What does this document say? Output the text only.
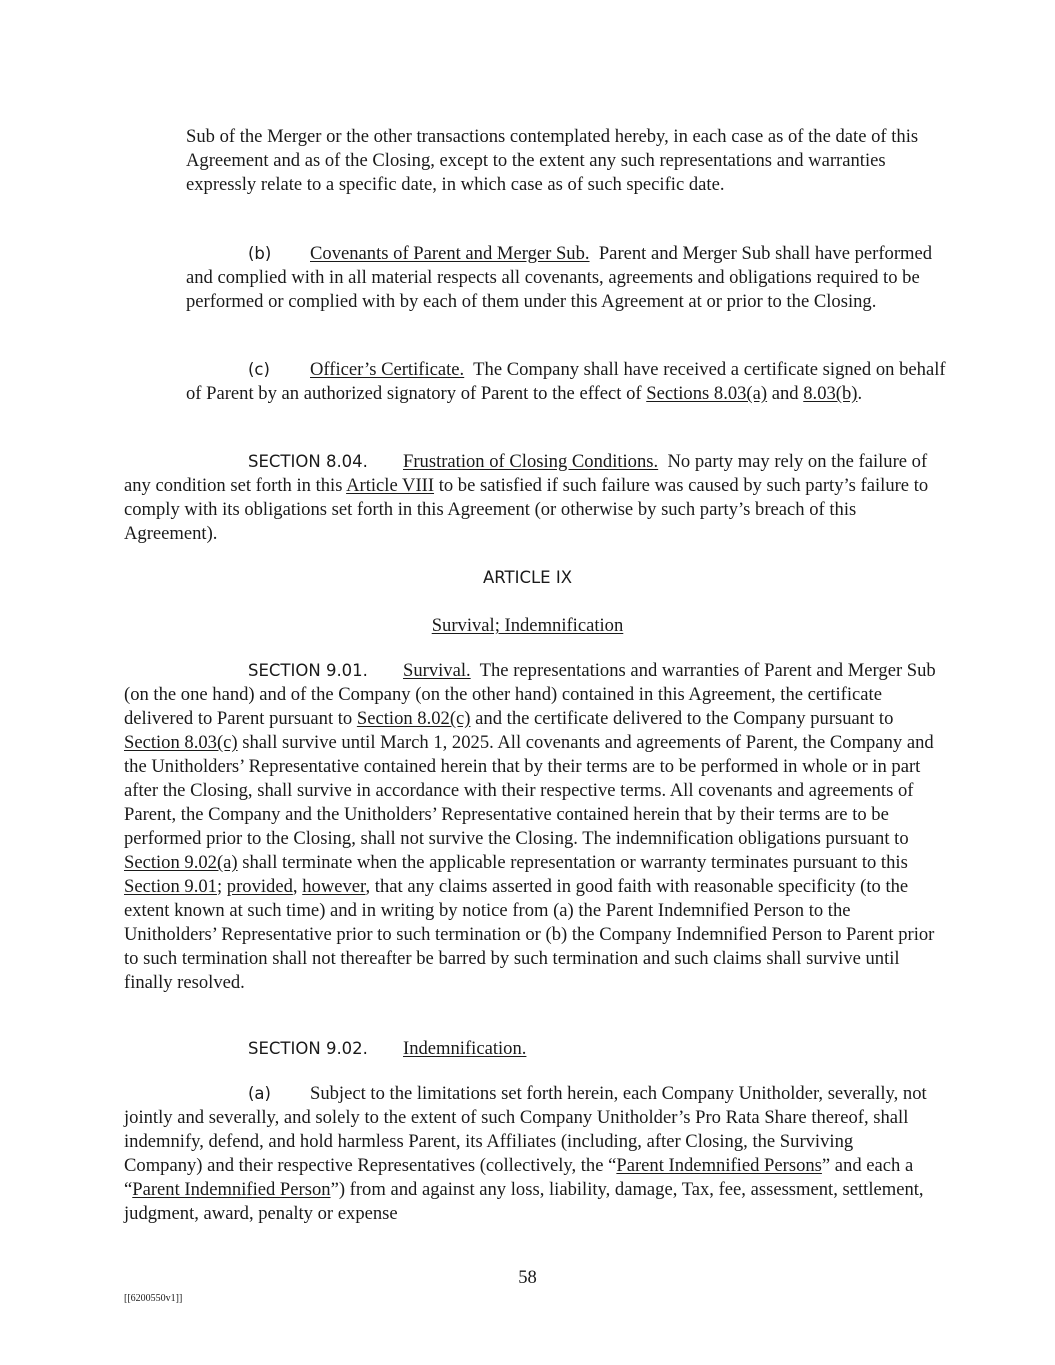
Sub of the Merger or the other transactions contemplated hereby, in each case as of the date of this Agreement and as of the Closing, except to the extent any such representations and warranties expressly relate to a specific date, in which case as of such specific date.

(b) Covenants of Parent and Merger Sub. Parent and Merger Sub shall have performed and complied with in all material respects all covenants, agreements and obligations required to be performed or complied with by each of them under this Agreement at or prior to the Closing.

(c) Officer’s Certificate. The Company shall have received a certificate signed on behalf of Parent by an authorized signatory of Parent to the effect of Sections 8.03(a) and 8.03(b).

SECTION 8.04. Frustration of Closing Conditions. No party may rely on the failure of any condition set forth in this Article VIII to be satisfied if such failure was caused by such party’s failure to comply with its obligations set forth in this Agreement (or otherwise by such party’s breach of this Agreement).

ARTICLE IX

Survival; Indemnification

SECTION 9.01. Survival. The representations and warranties of Parent and Merger Sub (on the one hand) and of the Company (on the other hand) contained in this Agreement, the certificate delivered to Parent pursuant to Section 8.02(c) and the certificate delivered to the Company pursuant to Section 8.03(c) shall survive until March 1, 2025. All covenants and agreements of Parent, the Company and the Unitholders’ Representative contained herein that by their terms are to be performed in whole or in part after the Closing, shall survive in accordance with their respective terms. All covenants and agreements of Parent, the Company and the Unitholders’ Representative contained herein that by their terms are to be performed prior to the Closing, shall not survive the Closing. The indemnification obligations pursuant to Section 9.02(a) shall terminate when the applicable representation or warranty terminates pursuant to this Section 9.01; provided, however, that any claims asserted in good faith with reasonable specificity (to the extent known at such time) and in writing by notice from (a) the Parent Indemnified Person to the Unitholders’ Representative prior to such termination or (b) the Company Indemnified Person to Parent prior to such termination shall not thereafter be barred by such termination and such claims shall survive until finally resolved.

SECTION 9.02. Indemnification.

(a) Subject to the limitations set forth herein, each Company Unitholder, severally, not jointly and severally, and solely to the extent of such Company Unitholder’s Pro Rata Share thereof, shall indemnify, defend, and hold harmless Parent, its Affiliates (including, after Closing, the Surviving Company) and their respective Representatives (collectively, the “Parent Indemnified Persons” and each a “Parent Indemnified Person”) from and against any loss, liability, damage, Tax, fee, assessment, settlement, judgment, award, penalty or expense

58
[[6200550v1]]
